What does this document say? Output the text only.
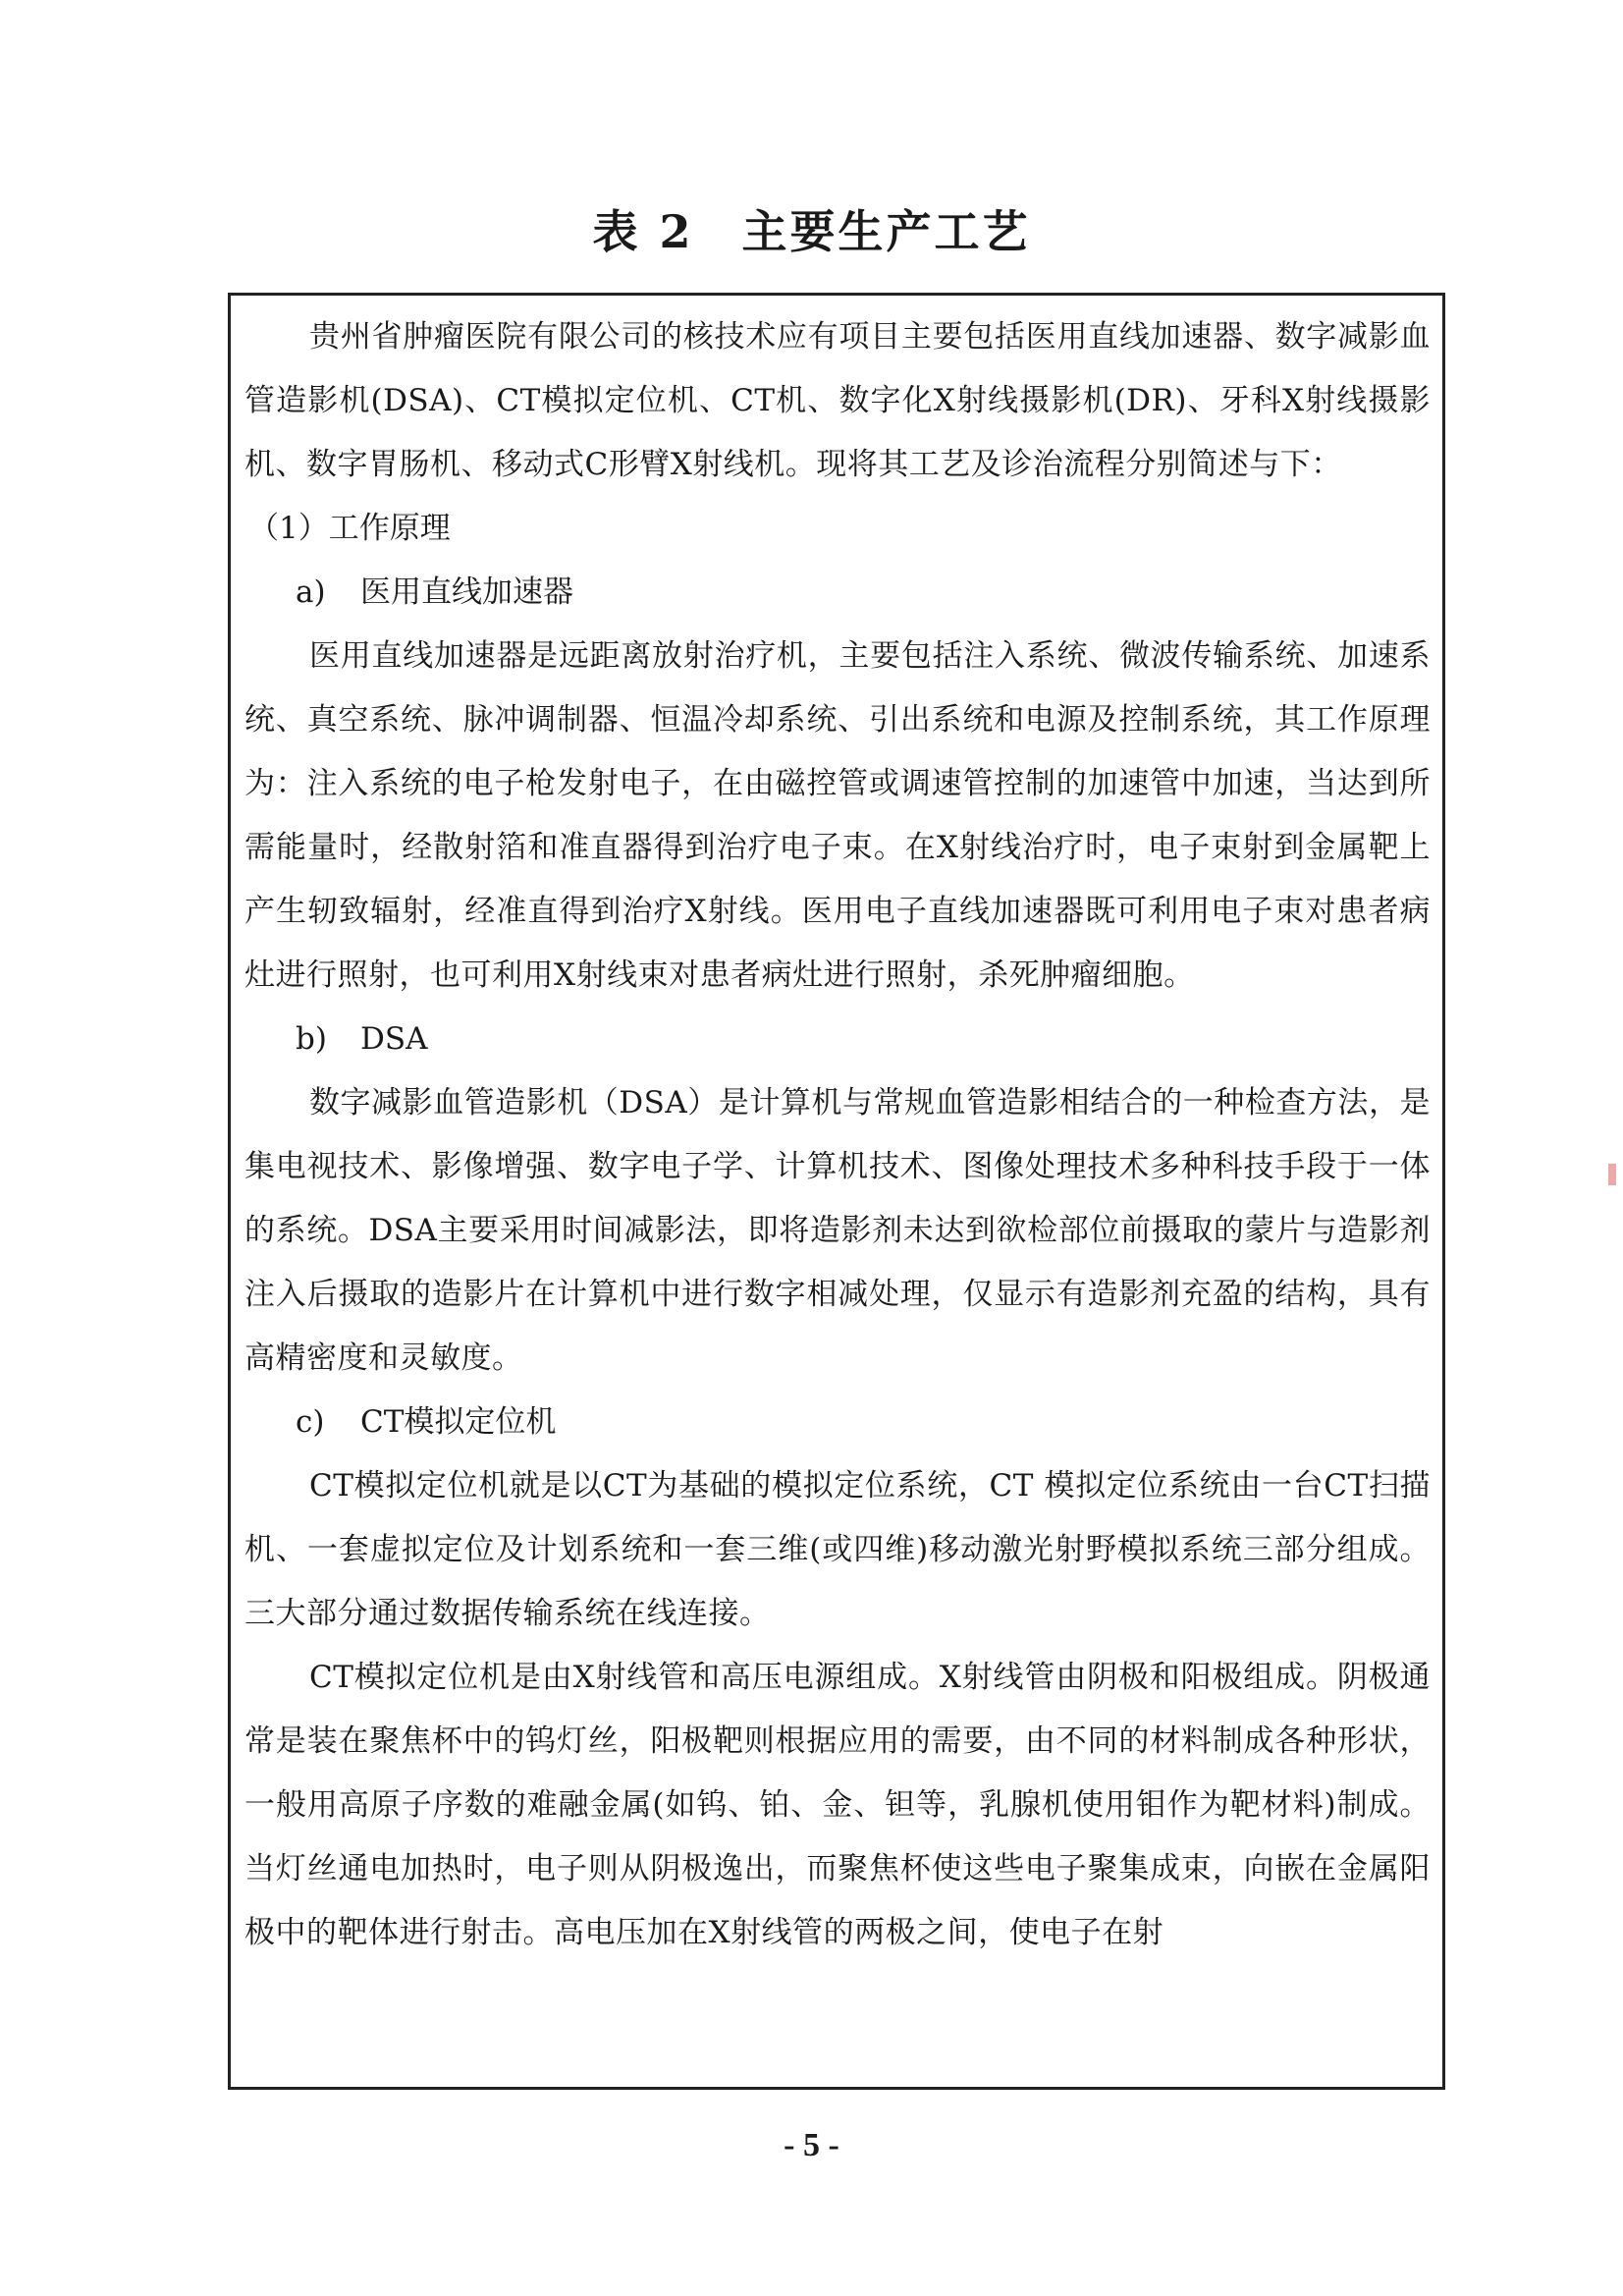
表 2　主要生产工艺

贵州省肿瘤医院有限公司的核技术应有项目主要包括医用直线加速器、数字减影血管造影机(DSA)、CT模拟定位机、CT机、数字化X射线摄影机(DR)、牙科X射线摄影机、数字胃肠机、移动式C形臂X射线机。现将其工艺及诊治流程分别简述与下：

（1）工作原理

a) 医用直线加速器

医用直线加速器是远距离放射治疗机，主要包括注入系统、微波传输系统、加速系统、真空系统、脉冲调制器、恒温冷却系统、引出系统和电源及控制系统，其工作原理为：注入系统的电子枪发射电子，在由磁控管或调速管控制的加速管中加速，当达到所需能量时，经散射箔和准直器得到治疗电子束。在X射线治疗时，电子束射到金属靶上产生轫致辐射，经准直得到治疗X射线。医用电子直线加速器既可利用电子束对患者病灶进行照射，也可利用X射线束对患者病灶进行照射，杀死肿瘤细胞。

b) DSA

数字减影血管造影机（DSA）是计算机与常规血管造影相结合的一种检查方法，是集电视技术、影像增强、数字电子学、计算机技术、图像处理技术多种科技手段于一体的系统。DSA主要采用时间减影法，即将造影剂未达到欲检部位前摄取的蒙片与造影剂注入后摄取的造影片在计算机中进行数字相减处理，仅显示有造影剂充盈的结构，具有高精密度和灵敏度。

c) CT模拟定位机

CT模拟定位机就是以CT为基础的模拟定位系统，CT 模拟定位系统由一台CT扫描机、一套虚拟定位及计划系统和一套三维(或四维)移动激光射野模拟系统三部分组成。三大部分通过数据传输系统在线连接。

CT模拟定位机是由X射线管和高压电源组成。X射线管由阴极和阳极组成。阴极通常是装在聚焦杯中的钨灯丝，阳极靶则根据应用的需要，由不同的材料制成各种形状，一般用高原子序数的难融金属(如钨、铂、金、钽等，乳腺机使用钼作为靶材料)制成。当灯丝通电加热时，电子则从阴极逸出，而聚焦杯使这些电子聚集成束，向嵌在金属阳极中的靶体进行射击。高电压加在X射线管的两极之间，使电子在射

- 5 -
